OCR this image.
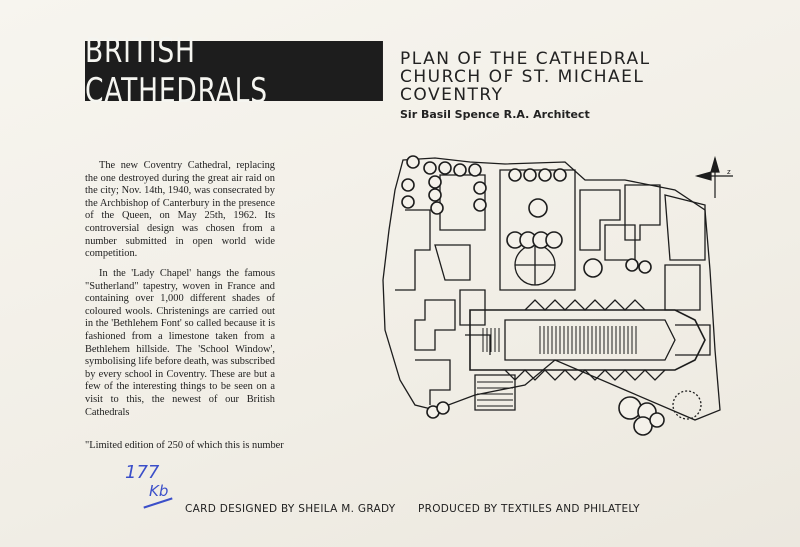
BRITISH CATHEDRALS
PLAN OF THE CATHEDRAL
CHURCH OF ST. MICHAEL
COVENTRY
Sir Basil Spence R.A. Architect
The new Coventry Cathedral, replacing the one destroyed during the great air raid on the city; Nov. 14th, 1940, was consecrated by the Archbishop of Canterbury in the presence of the Queen, on May 25th, 1962. Its controversial design was chosen from a number submitted in open world wide competition.
In the 'Lady Chapel' hangs the famous "Sutherland" tapestry, woven in France and containing over 1,000 different shades of coloured wools. Christenings are carried out in the 'Bethlehem Font' so called because it is fashioned from a limestone taken from a Bethlehem hillside. The 'School Window', symbolising life before death, was subscribed by every school in Coventry. These are but a few of the interesting things to be seen on a visit to this, the newest of our British Cathedrals
"Limited edition of 250 of which this is number
177
Kb
CARD DESIGNED BY SHEILA M. GRADY PRODUCED BY TEXTILES AND PHILATELY
z
